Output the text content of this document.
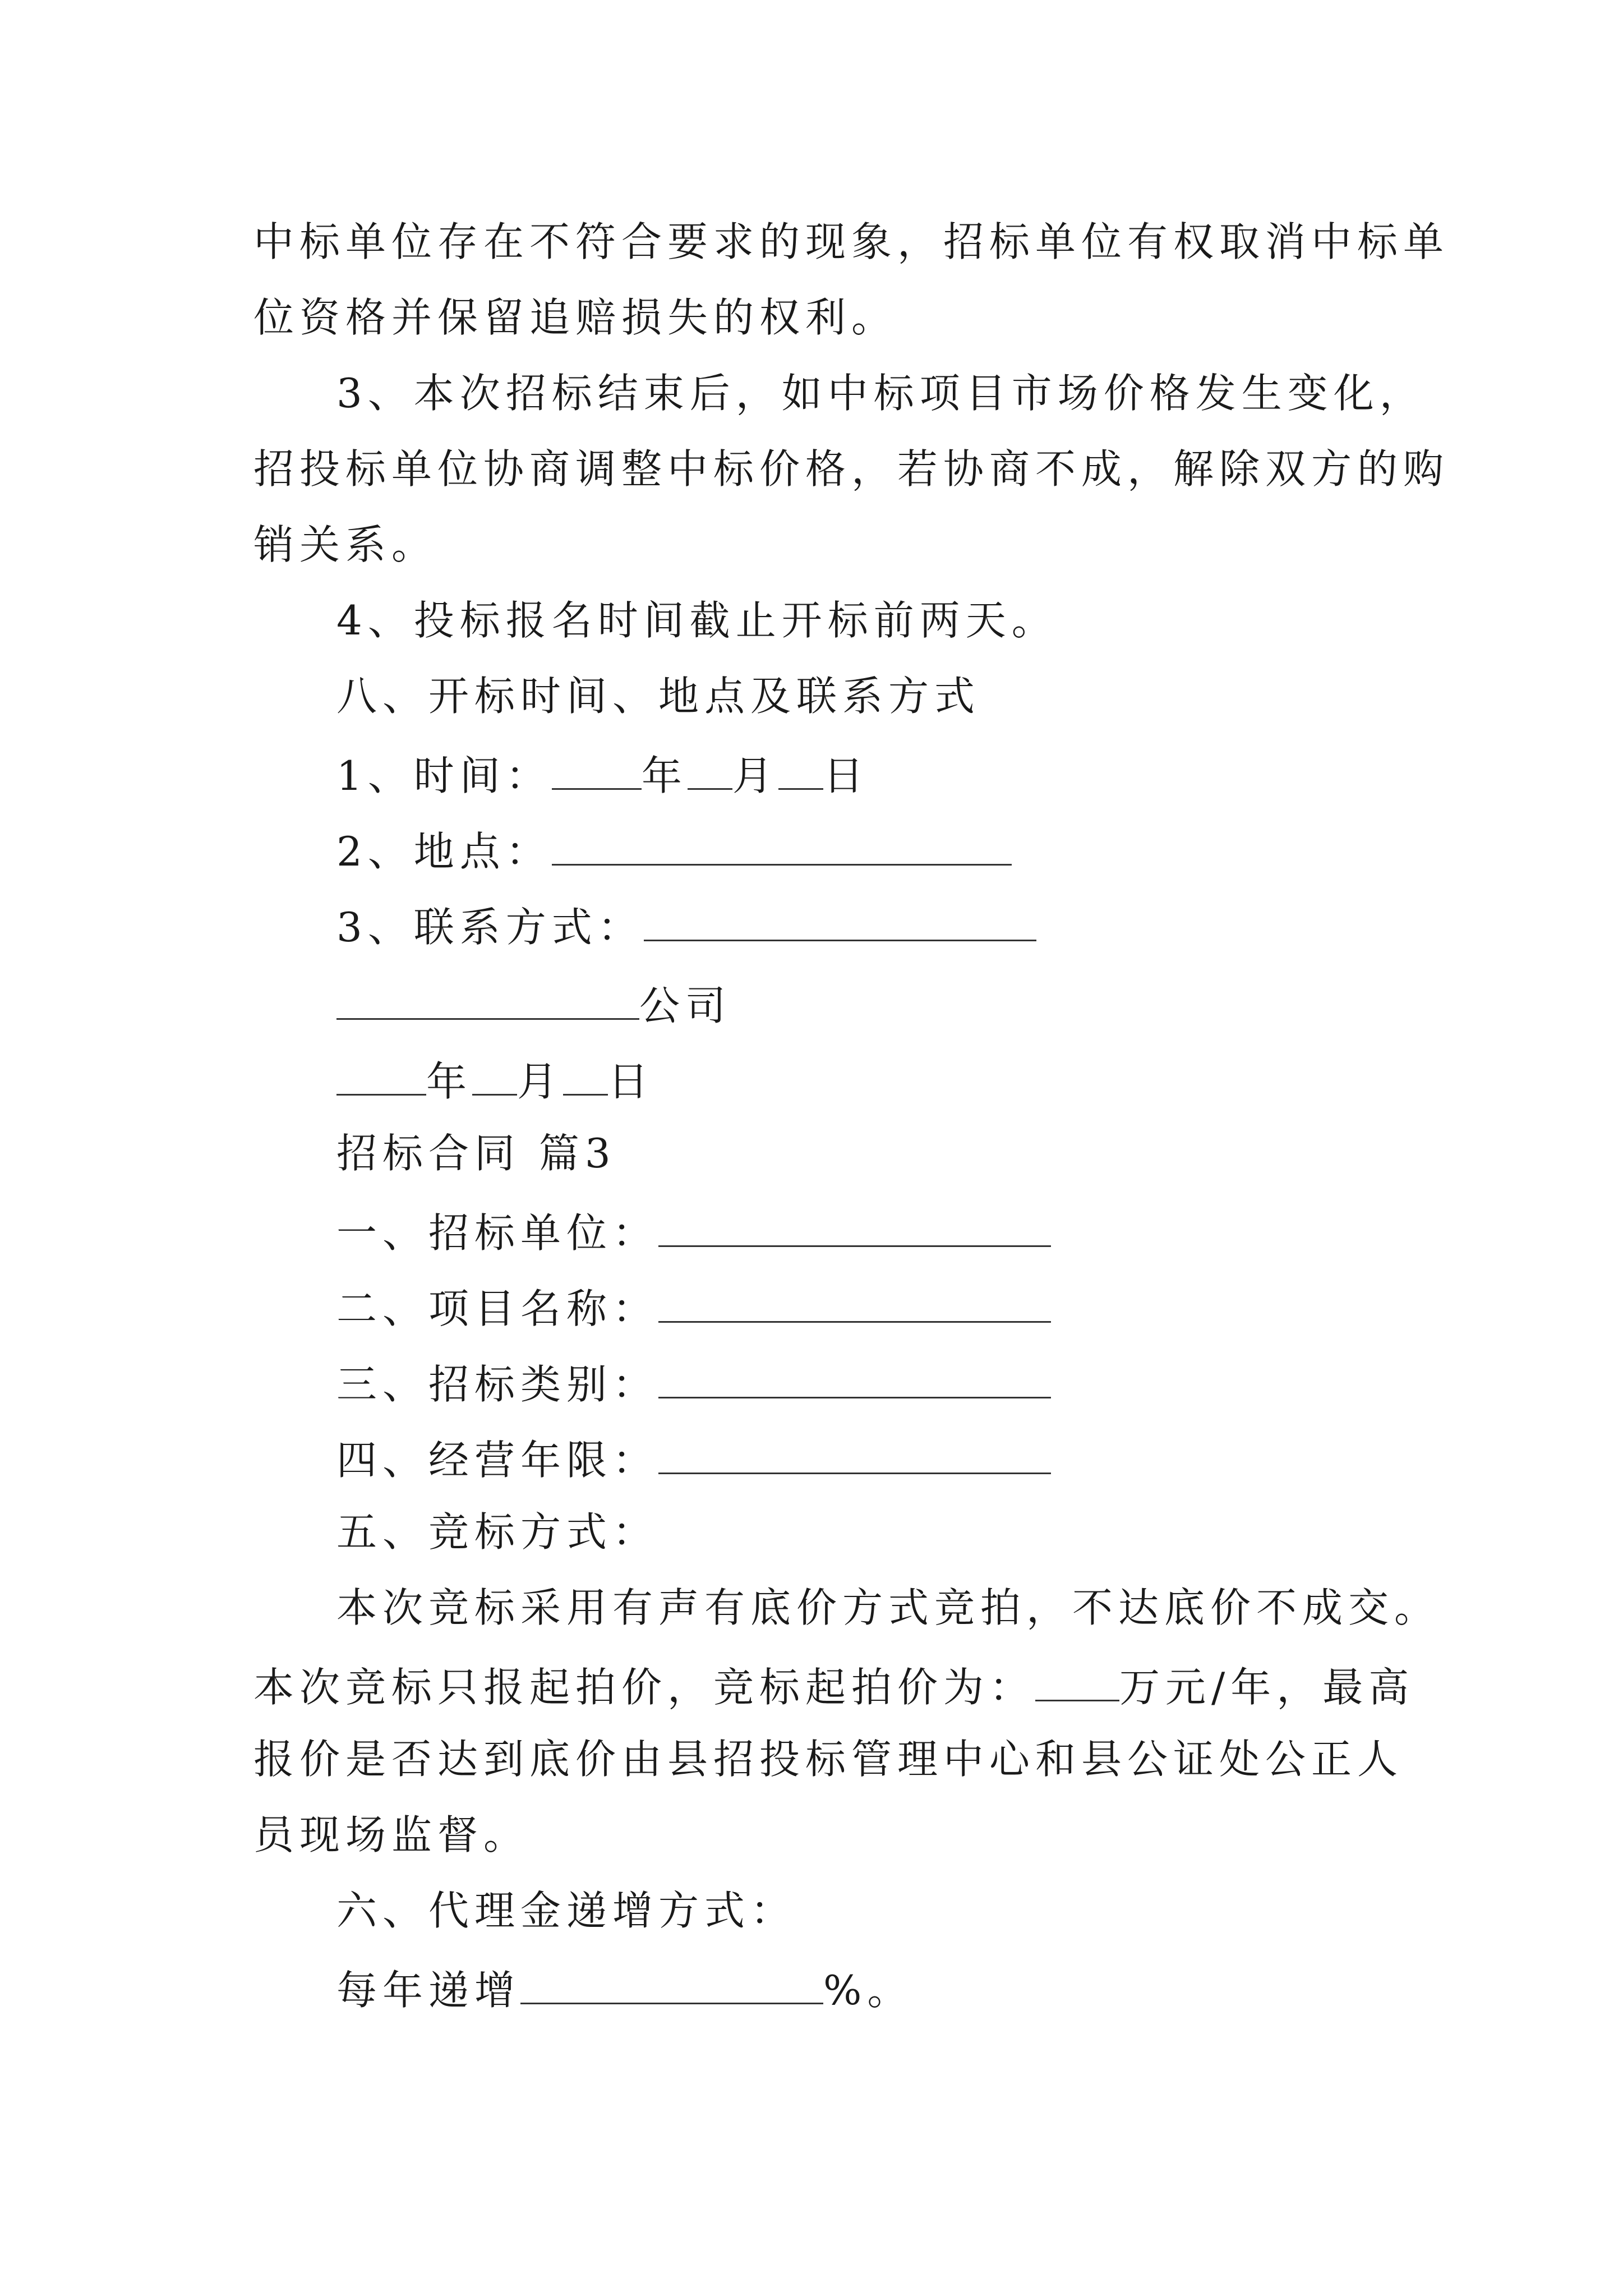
中标单位存在不符合要求的现象，招标单位有权取消中标单
位资格并保留追赔损失的权利。
3、本次招标结束后，如中标项目市场价格发生变化，
招投标单位协商调整中标价格，若协商不成，解除双方的购
销关系。
4、投标报名时间截止开标前两天。
八、开标时间、地点及联系方式
1、时间： 年 月 日
2、地点：
3、联系方式：
公司
年 月 日
招标合同 篇3
一、招标单位：
二、项目名称：
三、招标类别：
四、经营年限：
五、竞标方式：
本次竞标采用有声有底价方式竞拍，不达底价不成交。
本次竞标只报起拍价，竞标起拍价为： 万元/年，最高
报价是否达到底价由县招投标管理中心和县公证处公正人
员现场监督。
六、代理金递增方式：
每年递增	%。
